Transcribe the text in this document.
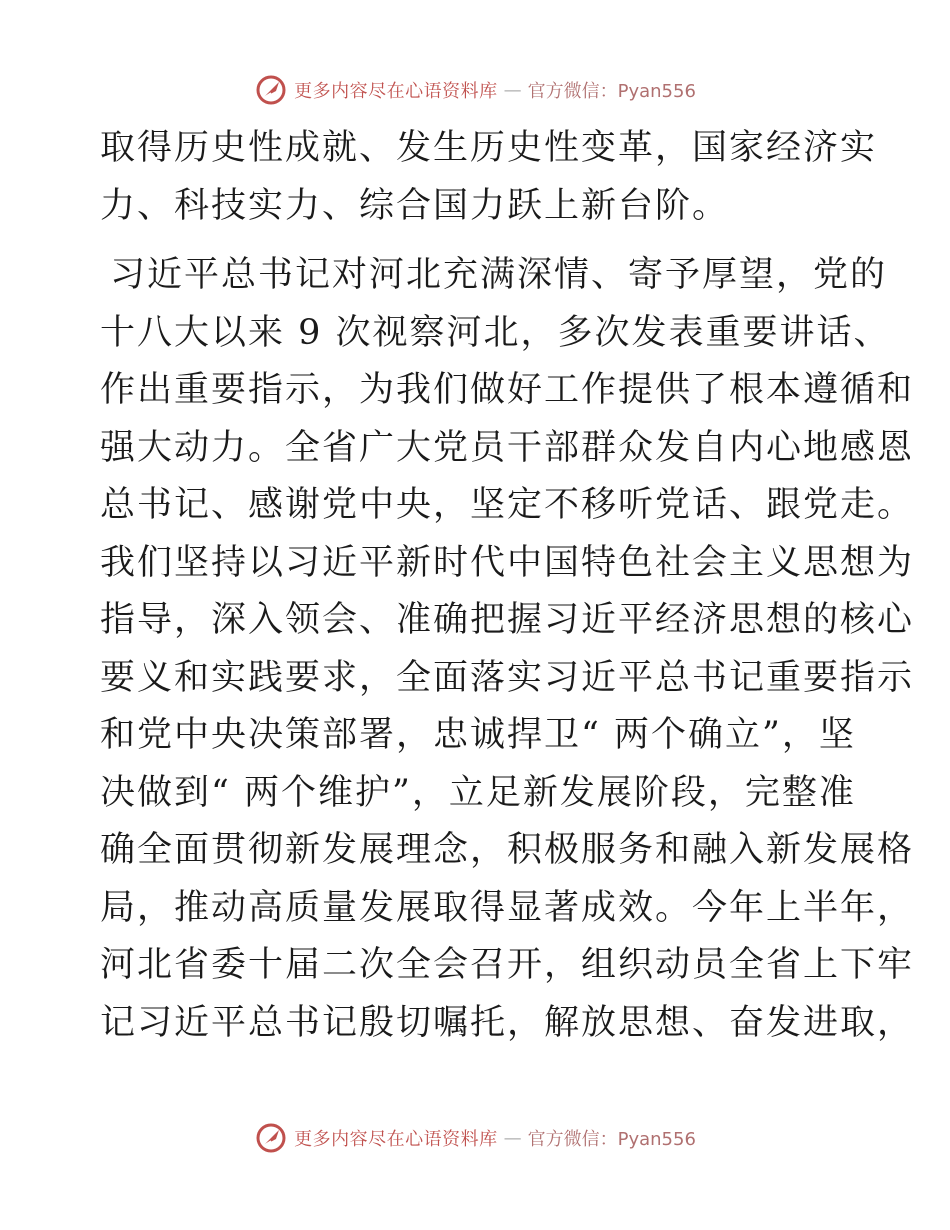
更多内容尽在心语资料库 — 官方微信：Pyan556

取得历史性成就、发生历史性变革，国家经济实
力、科技实力、综合国力跃上新台阶。

习近平总书记对河北充满深情、寄予厚望，党的
十八大以来 9 次视察河北，多次发表重要讲话、
作出重要指示，为我们做好工作提供了根本遵循和
强大动力。全省广大党员干部群众发自内心地感恩
总书记、感谢党中央，坚定不移听党话、跟党走。
我们坚持以习近平新时代中国特色社会主义思想为
指导，深入领会、准确把握习近平经济思想的核心
要义和实践要求，全面落实习近平总书记重要指示
和党中央决策部署，忠诚捍卫“ 两个确立”，坚
决做到“ 两个维护”，立足新发展阶段，完整准
确全面贯彻新发展理念，积极服务和融入新发展格
局，推动高质量发展取得显著成效。今年上半年，
河北省委十届二次全会召开，组织动员全省上下牢
记习近平总书记殷切嘱托，解放思想、奋发进取，

更多内容尽在心语资料库 — 官方微信：Pyan556
